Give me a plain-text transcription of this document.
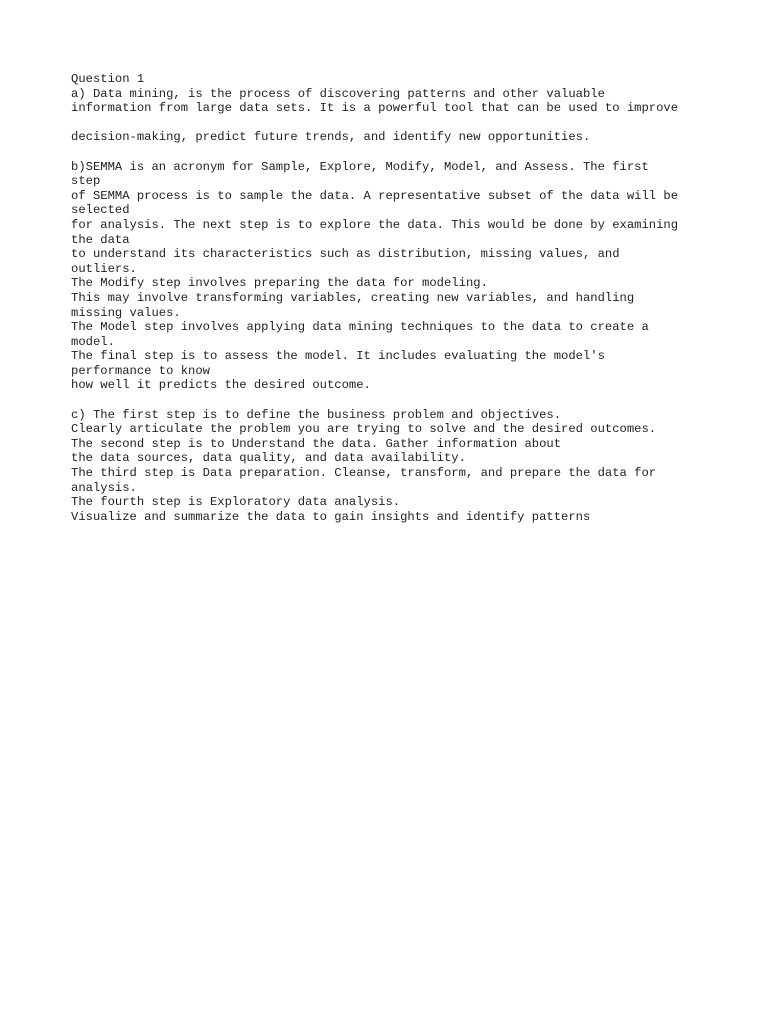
Question 1
a) Data mining, is the process of discovering patterns and other valuable
information from large data sets. It is a powerful tool that can be used to improve
decision-making, predict future trends, and identify new opportunities.
b)SEMMA is an acronym for Sample, Explore, Modify, Model, and Assess. The first
step
of SEMMA process is to sample the data. A representative subset of the data will be
selected
for analysis. The next step is to explore the data. This would be done by examining
the data
to understand its characteristics such as distribution, missing values, and
outliers.
The Modify step involves preparing the data for modeling.
This may involve transforming variables, creating new variables, and handling
missing values.
The Model step involves applying data mining techniques to the data to create a
model.
The final step is to assess the model. It includes evaluating the model's
performance to know
how well it predicts the desired outcome.
c) The first step is to define the business problem and objectives.
Clearly articulate the problem you are trying to solve and the desired outcomes.
The second step is to Understand the data. Gather information about
the data sources, data quality, and data availability.
The third step is Data preparation. Cleanse, transform, and prepare the data for
analysis.
The fourth step is Exploratory data analysis.
Visualize and summarize the data to gain insights and identify patterns
